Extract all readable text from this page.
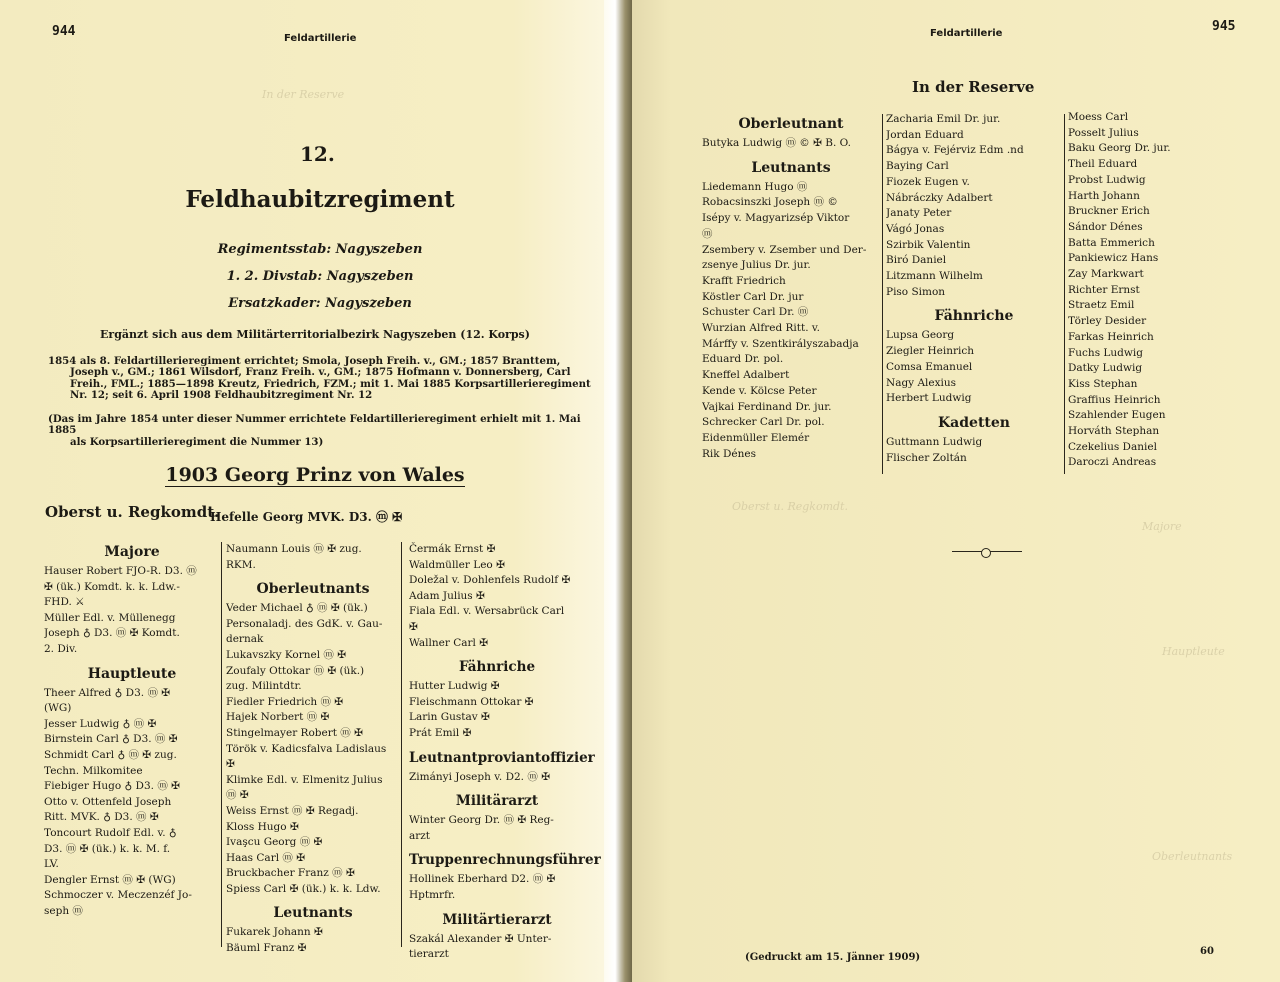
In der Reserve
944	Feldartillerie
12.
Feldhaubitzregiment
Regimentsstab: Nagyszeben
1. 2. Divstab: Nagyszeben
Ersatzkader: Nagyszeben
Ergänzt sich aus dem Militärterritorialbezirk Nagyszeben (12. Korps)
1854 als 8. Feldartillerieregiment errichtet; Smola, Joseph Freih. v., GM.; 1857 Branttem,
Joseph v., GM.; 1861 Wilsdorf, Franz Freih. v., GM.; 1875 Hofmann v. Donnersberg, Carl
Freih., FML.; 1885—1898 Kreutz, Friedrich, FZM.; mit 1. Mai 1885 Korpsartillerieregiment
Nr. 12; seit 6. April 1908 Feldhaubitzregiment Nr. 12
(Das im Jahre 1854 unter dieser Nummer errichtete Feldartillerieregiment erhielt mit 1. Mai 1885
als Korpsartillerieregiment die Nummer 13)
1903 Georg Prinz von Wales
Oberst u. Regkomdt.
Hefelle Georg MVK. D3. ⓜ ✠
Majore
Hauser Robert FJO-R. D3. ⓜ
✠ (ük.) Komdt. k. k. Ldw.-
FHD. ⚔
Müller Edl. v. Müllenegg
Joseph ♁ D3. ⓜ ✠ Komdt.
2. Div.
Hauptleute
Theer Alfred ♁ D3. ⓜ ✠
(WG)
Jesser Ludwig ♁ ⓜ ✠
Birnstein Carl ♁ D3. ⓜ ✠
Schmidt Carl ♁ ⓜ ✠ zug.
Techn. Milkomitee
Fiebiger Hugo ♁ D3. ⓜ ✠
Otto v. Ottenfeld Joseph
Ritt. MVK. ♁ D3. ⓜ ✠
Toncourt Rudolf Edl. v. ♁
D3. ⓜ ✠ (ük.) k. k. M. f.
LV.
Dengler Ernst ⓜ ✠ (WG)
Schmoczer v. Meczenzéf Jo-
seph ⓜ
Naumann Louis ⓜ ✠ zug.
RKM.
Oberleutnants
Veder Michael ♁ ⓜ ✠ (ük.)
Personaladj. des GdK. v. Gau-
dernak
Lukavszky Kornel ⓜ ✠
Zoufaly Ottokar ⓜ ✠ (ük.)
zug. Milintdtr.
Fiedler Friedrich ⓜ ✠
Hajek Norbert ⓜ ✠
Stingelmayer Robert ⓜ ✠
Török v. Kadicsfalva Ladislaus
✠
Klimke Edl. v. Elmenitz Julius
ⓜ ✠
Weiss Ernst ⓜ ✠ Regadj.
Kloss Hugo ✠
Ivaşcu Georg ⓜ ✠
Haas Carl ⓜ ✠
Bruckbacher Franz ⓜ ✠
Spiess Carl ✠ (ük.) k. k. Ldw.
Leutnants
Fukarek Johann ✠
Bäuml Franz ✠
Čermák Ernst ✠
Waldmüller Leo ✠
Doležal v. Dohlenfels Rudolf ✠
Adam Julius ✠
Fiala Edl. v. Wersabrück Carl
✠
Wallner Carl ✠
Fähnriche
Hutter Ludwig ✠
Fleischmann Ottokar ✠
Larin Gustav ✠
Prát Emil ✠
Leutnantproviantoffizier
Zimányi Joseph v. D2. ⓜ ✠
Militärarzt
Winter Georg Dr. ⓜ ✠ Reg-
arzt
Truppenrechnungsführer
Hollinek Eberhard D2. ⓜ ✠
Hptmrfr.
Militärtierarzt
Szakál Alexander ✠ Unter-
tierarzt
Oberst u. Regkomdt.
Majore
Hauptleute
Oberleutnants
Feldartillerie	945
In der Reserve
Oberleutnant
Butyka Ludwig ⓜ © ✠ B. O.
Leutnants
Liedemann Hugo ⓜ
Robacsinszki Joseph ⓜ ©
Isépy v. Magyarizsép Viktor
ⓜ
Zsembery v. Zsember und Der-
zsenye Julius Dr. jur.
Krafft Friedrich
Köstler Carl Dr. jur
Schuster Carl Dr. ⓜ
Wurzian Alfred Ritt. v.
Márffy v. Szentkirályszabadja
Eduard Dr. pol.
Kneffel Adalbert
Kende v. Kölcse Peter
Vajkai Ferdinand Dr. jur.
Schrecker Carl Dr. pol.
Eidenmüller Elemér
Rik Dénes
Zacharia Emil Dr. jur.
Jordan Eduard
Bágya v. Fejérviz Edm .nd
Baying Carl
Fiozek Eugen v.
Nábráczky Adalbert
Janaty Peter
Vágó Jonas
Szirbik Valentin
Biró Daniel
Litzmann Wilhelm
Piso Simon
Fähnriche
Lupsa Georg
Ziegler Heinrich
Comsa Emanuel
Nagy Alexius
Herbert Ludwig
Kadetten
Guttmann Ludwig
Flischer Zoltán
Moess Carl
Posselt Julius
Baku Georg Dr. jur.
Theil Eduard
Probst Ludwig
Harth Johann
Bruckner Erich
Sándor Dénes
Batta Emmerich
Pankiewicz Hans
Zay Markwart
Richter Ernst
Straetz Emil
Törley Desider
Farkas Heinrich
Fuchs Ludwig
Datky Ludwig
Kiss Stephan
Graffius Heinrich
Szahlender Eugen
Horváth Stephan
Czekelius Daniel
Daroczi Andreas
(Gedruckt am 15. Jänner 1909)
60
